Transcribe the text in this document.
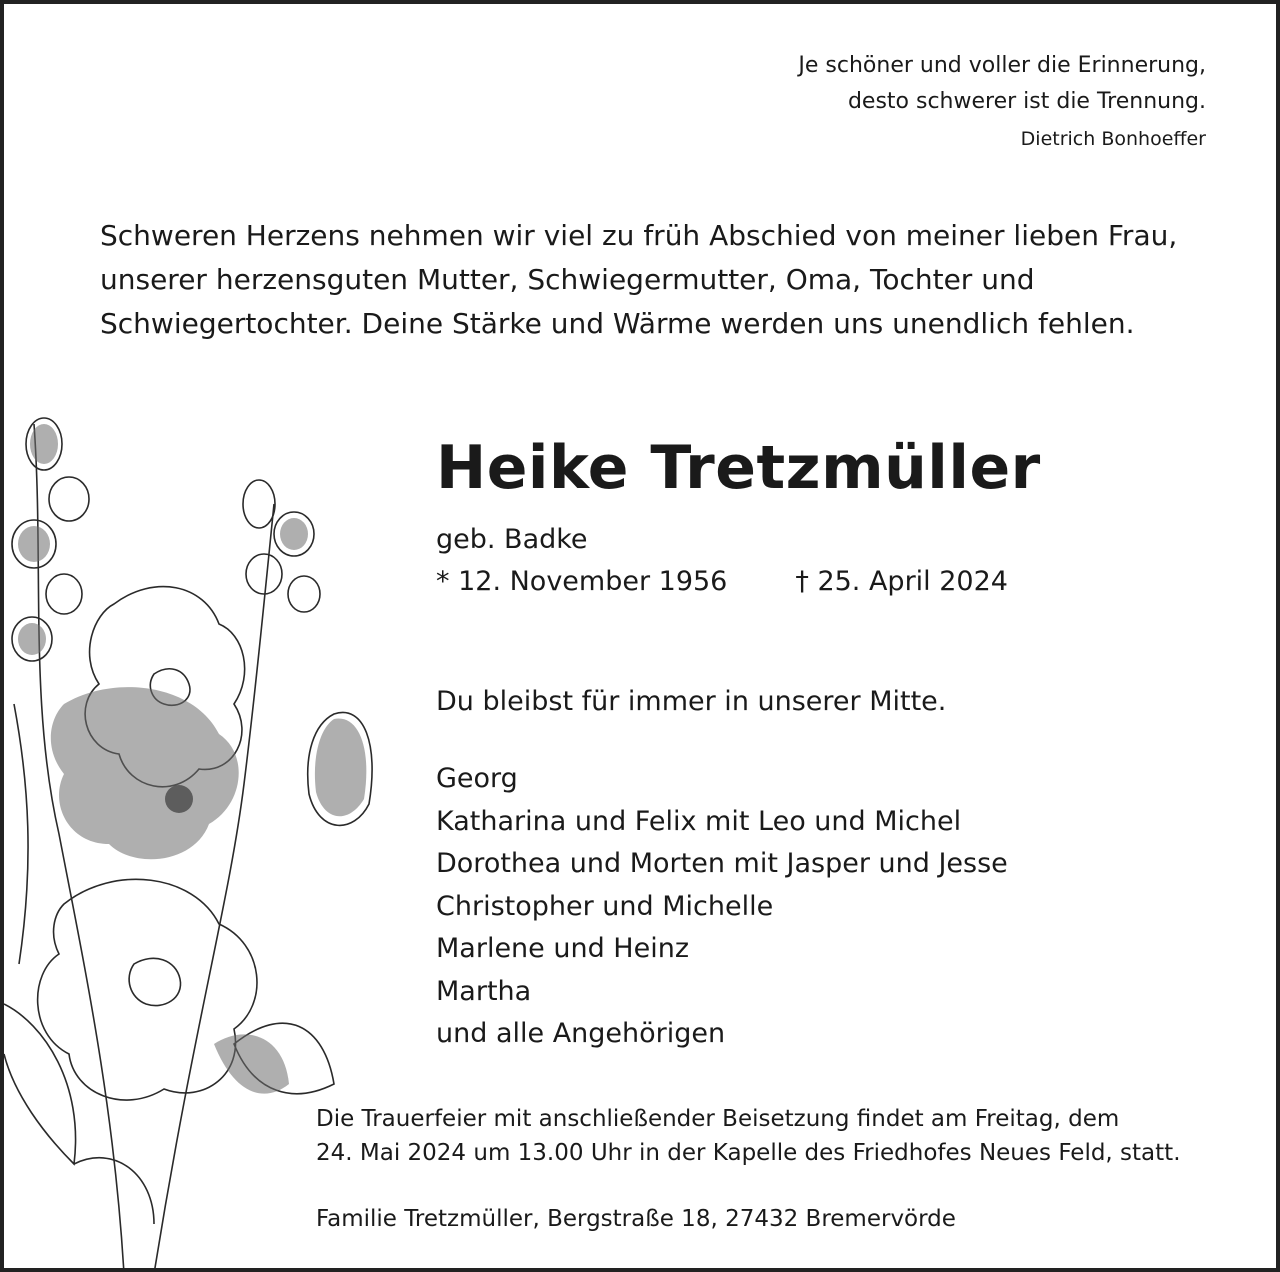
Je schöner und voller die Erinnerung,
desto schwerer ist die Trennung.
Dietrich Bonhoeffer
Schweren Herzens nehmen wir viel zu früh Abschied von meiner lieben Frau,
unserer herzensguten Mutter, Schwiegermutter, Oma, Tochter und
Schwiegertochter. Deine Stärke und Wärme werden uns unendlich fehlen.
Heike Tretzmüller
geb. Badke
* 12. November 1956	† 25. April 2024
Du bleibst für immer in unserer Mitte.
Georg
Katharina und Felix mit Leo und Michel
Dorothea und Morten mit Jasper und Jesse
Christopher und Michelle
Marlene und Heinz
Martha
und alle Angehörigen
Die Trauerfeier mit anschließender Beisetzung findet am Freitag, dem
24. Mai 2024 um 13.00 Uhr in der Kapelle des Friedhofes Neues Feld, statt.
Familie Tretzmüller, Bergstraße 18, 27432 Bremervörde
